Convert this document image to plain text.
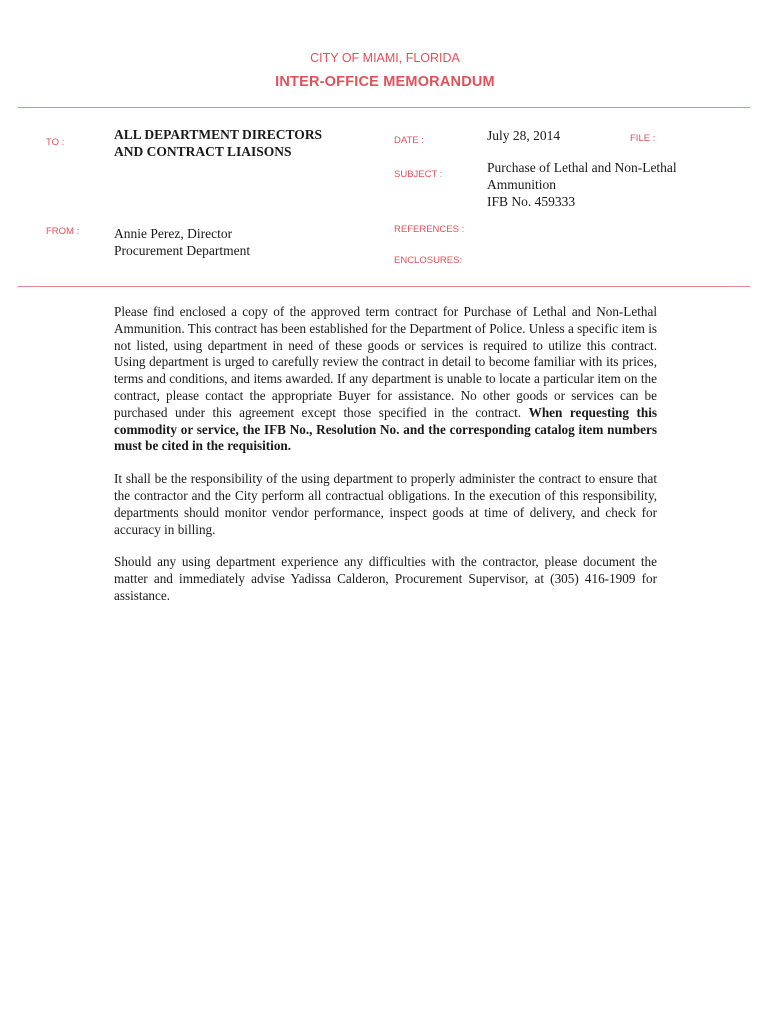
CITY OF MIAMI, FLORIDA
INTER-OFFICE MEMORANDUM
TO :
ALL DEPARTMENT DIRECTORS
AND CONTRACT LIAISONS
DATE :	July 28, 2014	FILE :
SUBJECT :	Purchase of Lethal and Non-Lethal
Ammunition
IFB No. 459333
FROM :	Annie Perez, Director
Procurement Department
REFERENCES :
ENCLOSURES:

Please find enclosed a copy of the approved term contract for Purchase of Lethal and Non-Lethal Ammunition. This contract has been established for the Department of Police. Unless a specific item is not listed, using department in need of these goods or services is required to utilize this contract. Using department is urged to carefully review the contract in detail to become familiar with its prices, terms and conditions, and items awarded. If any department is unable to locate a particular item on the contract, please contact the appropriate Buyer for assistance. No other goods or services can be purchased under this agreement except those specified in the contract. When requesting this commodity or service, the IFB No., Resolution No. and the corresponding catalog item numbers must be cited in the requisition.

It shall be the responsibility of the using department to properly administer the contract to ensure that the contractor and the City perform all contractual obligations. In the execution of this responsibility, departments should monitor vendor performance, inspect goods at time of delivery, and check for accuracy in billing.

Should any using department experience any difficulties with the contractor, please document the matter and immediately advise Yadissa Calderon, Procurement Supervisor, at (305) 416-1909 for assistance.
